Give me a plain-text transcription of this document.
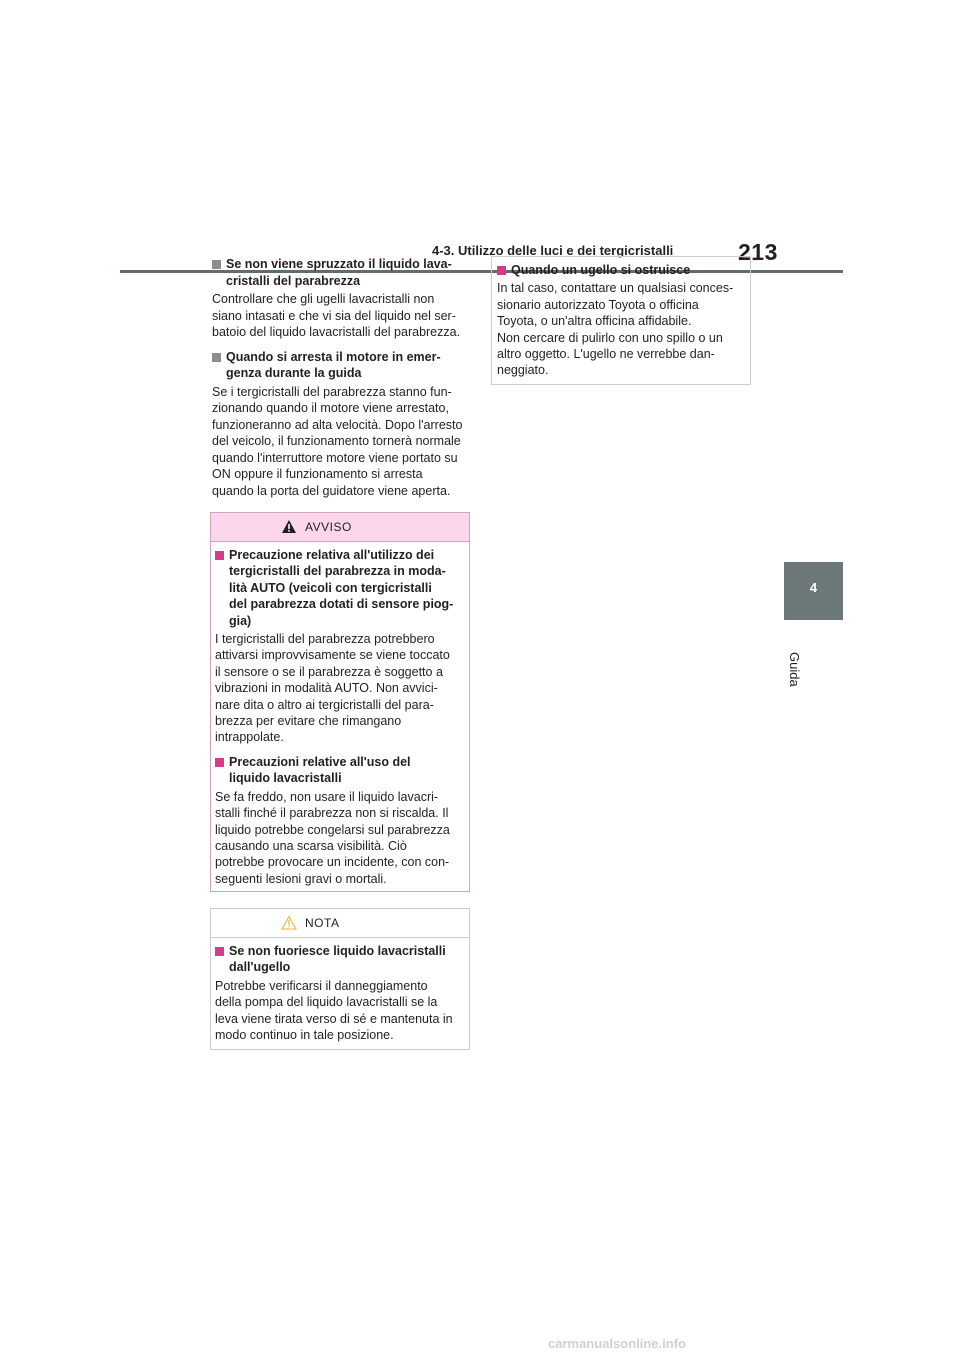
4-3. Utilizzo delle luci e dei tergicristalli	213
4
Guida
Se non viene spruzzato il liquido lava-
cristalli del parabrezza

Controllare che gli ugelli lavacristalli non
siano intasati e che vi sia del liquido nel ser-
batoio del liquido lavacristalli del parabrezza.

Quando si arresta il motore in emer-
genza durante la guida

Se i tergicristalli del parabrezza stanno fun-
zionando quando il motore viene arrestato,
funzioneranno ad alta velocità. Dopo l'arresto
del veicolo, il funzionamento tornerà normale
quando l'interruttore motore viene portato su
ON oppure il funzionamento si arresta
quando la porta del guidatore viene aperta.

AVVISO
Precauzione relativa all'utilizzo dei
tergicristalli del parabrezza in moda-
lità AUTO (veicoli con tergicristalli
del parabrezza dotati di sensore piog-
gia)

I tergicristalli del parabrezza potrebbero
attivarsi improvvisamente se viene toccato
il sensore o se il parabrezza è soggetto a
vibrazioni in modalità AUTO. Non avvici-
nare dita o altro ai tergicristalli del para-
brezza per evitare che rimangano
intrappolate.

Precauzioni relative all'uso del
liquido lavacristalli

Se fa freddo, non usare il liquido lavacri-
stalli finché il parabrezza non si riscalda. Il
liquido potrebbe congelarsi sul parabrezza
causando una scarsa visibilità. Ciò
potrebbe provocare un incidente, con con-
seguenti lesioni gravi o mortali.

NOTA
Se non fuoriesce liquido lavacristalli
dall'ugello

Potrebbe verificarsi il danneggiamento
della pompa del liquido lavacristalli se la
leva viene tirata verso di sé e mantenuta in
modo continuo in tale posizione.

Quando un ugello si ostruisce

In tal caso, contattare un qualsiasi conces-
sionario autorizzato Toyota o officina
Toyota, o un'altra officina affidabile.
Non cercare di pulirlo con uno spillo o un
altro oggetto. L'ugello ne verrebbe dan-
neggiato.

carmanualsonline.info
